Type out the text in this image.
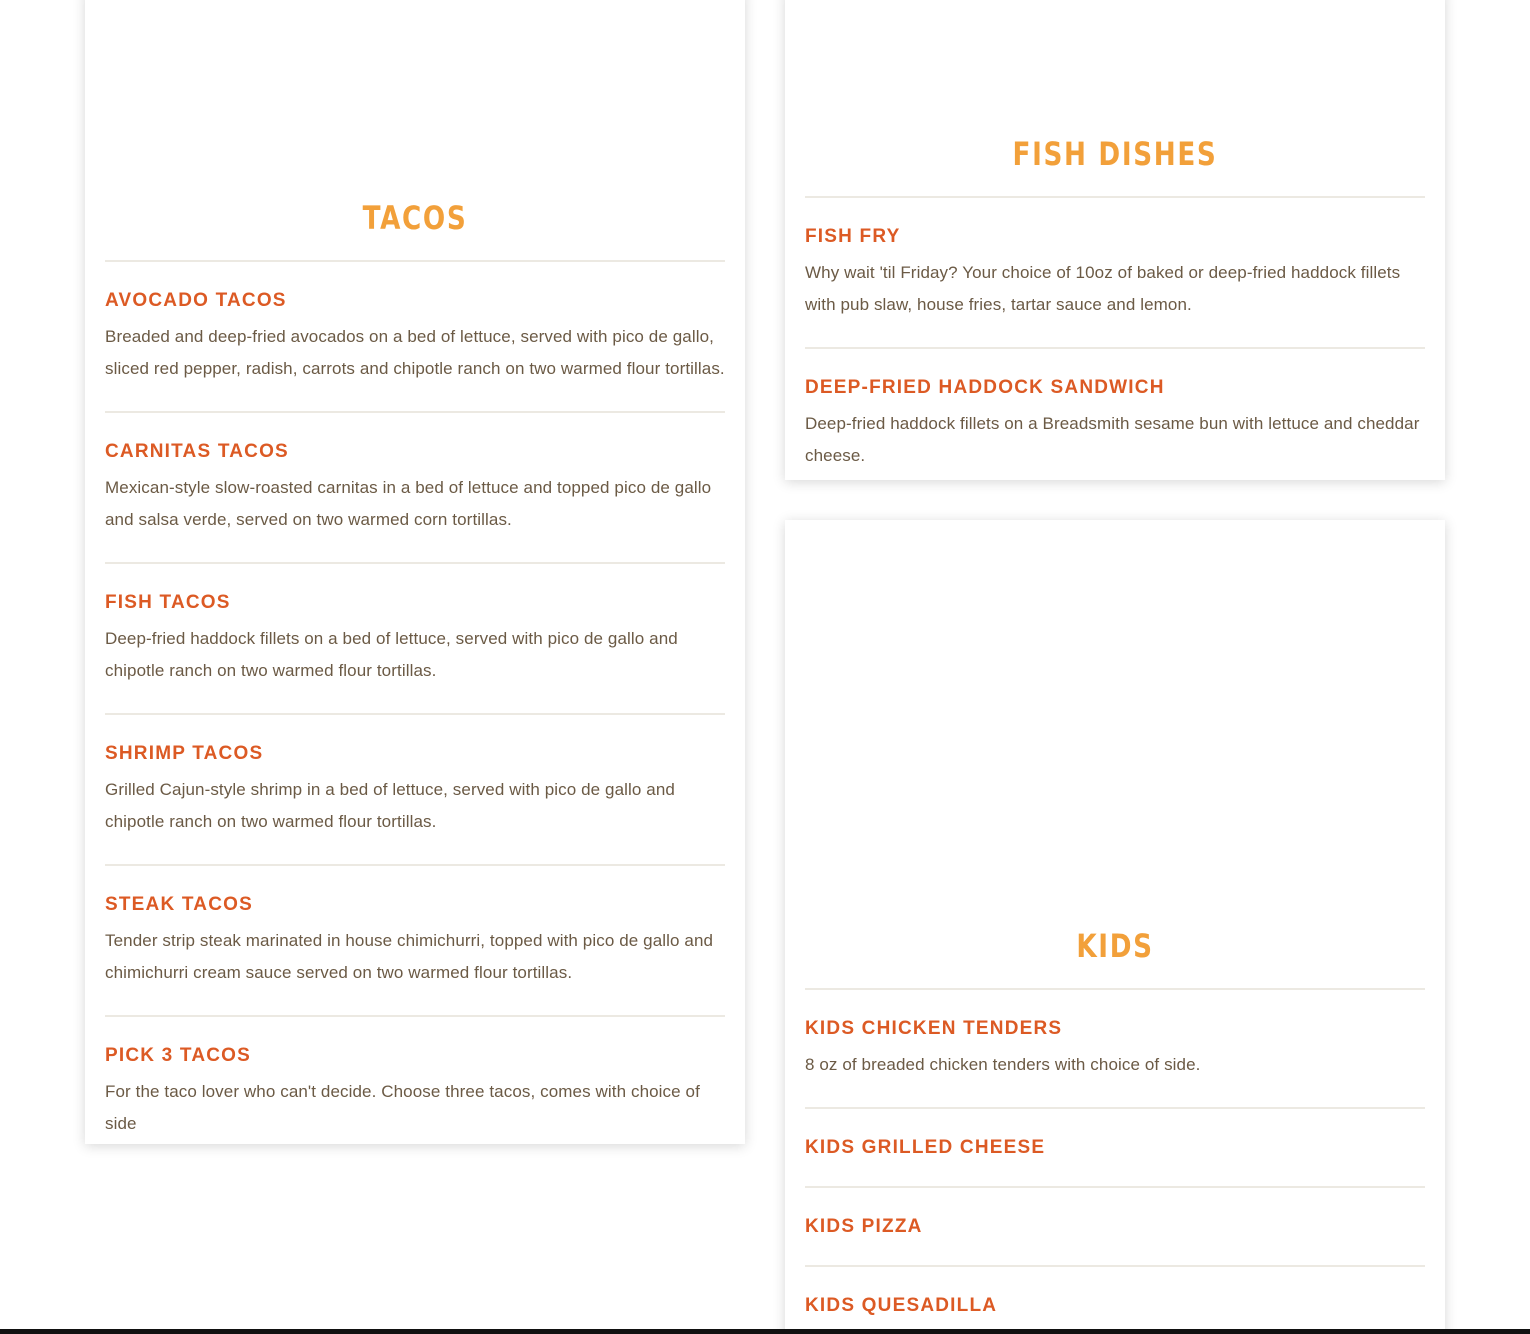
TACOS
AVOCADO TACOS

Breaded and deep-fried avocados on a bed of lettuce, served with pico de gallo, sliced red pepper, radish, carrots and chipotle ranch on two warmed flour tortillas.

CARNITAS TACOS

Mexican-style slow-roasted carnitas in a bed of lettuce and topped pico de gallo and salsa verde, served on two warmed corn tortillas.

FISH TACOS

Deep-fried haddock fillets on a bed of lettuce, served with pico de gallo and chipotle ranch on two warmed flour tortillas.

SHRIMP TACOS

Grilled Cajun-style shrimp in a bed of lettuce, served with pico de gallo and chipotle ranch on two warmed flour tortillas.

STEAK TACOS

Tender strip steak marinated in house chimichurri, topped with pico de gallo and chimichurri cream sauce served on two warmed flour tortillas.

PICK 3 TACOS

For the taco lover who can't decide. Choose three tacos, comes with choice of side

FISH DISHES
FISH FRY

Why wait 'til Friday? Your choice of 10oz of baked or deep-fried haddock fillets with pub slaw, house fries, tartar sauce and lemon.

DEEP-FRIED HADDOCK SANDWICH

Deep-fried haddock fillets on a Breadsmith sesame bun with lettuce and cheddar cheese.

KIDS
KIDS CHICKEN TENDERS

8 oz of breaded chicken tenders with choice of side.

KIDS GRILLED CHEESE
KIDS PIZZA
KIDS QUESADILLA
